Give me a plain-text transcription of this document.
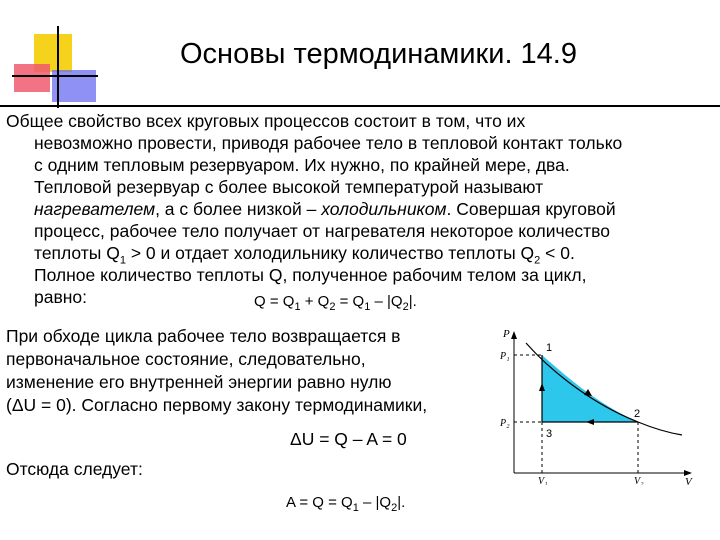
Основы термодинамики. 14.9
Общее свойство всех круговых процессов состоит в том, что их
невозможно провести, приводя рабочее тело в тепловой контакт только
с одним тепловым резервуаром. Их нужно, по крайней мере, два.
Тепловой резервуар с более высокой температурой называют
нагревателем, а с более низкой – холодильником. Совершая круговой
процесс, рабочее тело получает от нагревателя некоторое количество
теплоты $Q_1 > 0$ и отдает холодильнику количество теплоты $Q_2 < 0$.
Полное количество теплоты Q, полученное рабочим телом за цикл,
равно:	$Q = Q_1 + Q_2 = Q_1 - |Q_2|$.
При обходе цикла рабочее тело возвращается в
первоначальное состояние, следовательно,
изменение его внутренней энергии равно нулю
(ΔU = 0). Согласно первому закону термодинамики,
ΔU = Q – A = 0
Отсюда следует:
$A = Q = Q_1 - |Q_2|$.
P
V
P₁
P₂
V₁	V₂
1
2
3
